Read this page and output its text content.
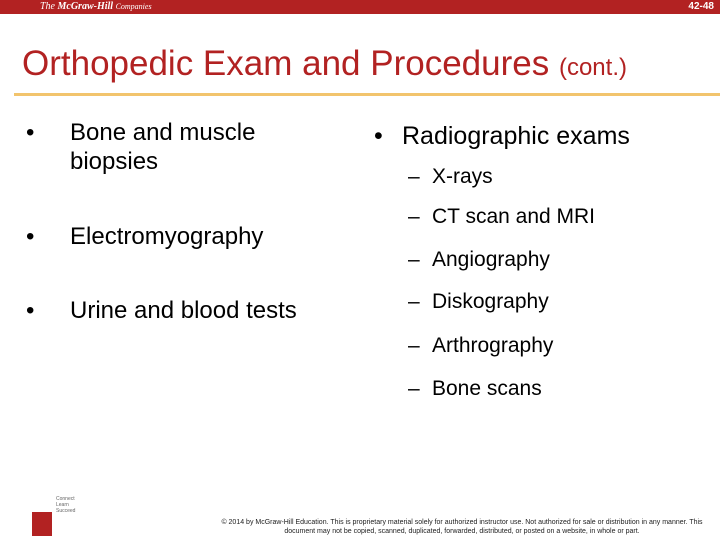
The McGraw-Hill Companies	42-48
Orthopedic Exam and Procedures (cont.)
•	Bone and muscle biopsies
•	Electromyography
•	Urine and blood tests
• Radiographic exams
– X-rays
– CT scan and MRI
– Angiography
– Diskography
– Arthrography
– Bone scans
Connect Learn Succeed
© 2014 by McGraw-Hill Education. This is proprietary material solely for authorized instructor use. Not authorized for sale or distribution in any manner. This document may not be copied, scanned, duplicated, forwarded, distributed, or posted on a website, in whole or part.
